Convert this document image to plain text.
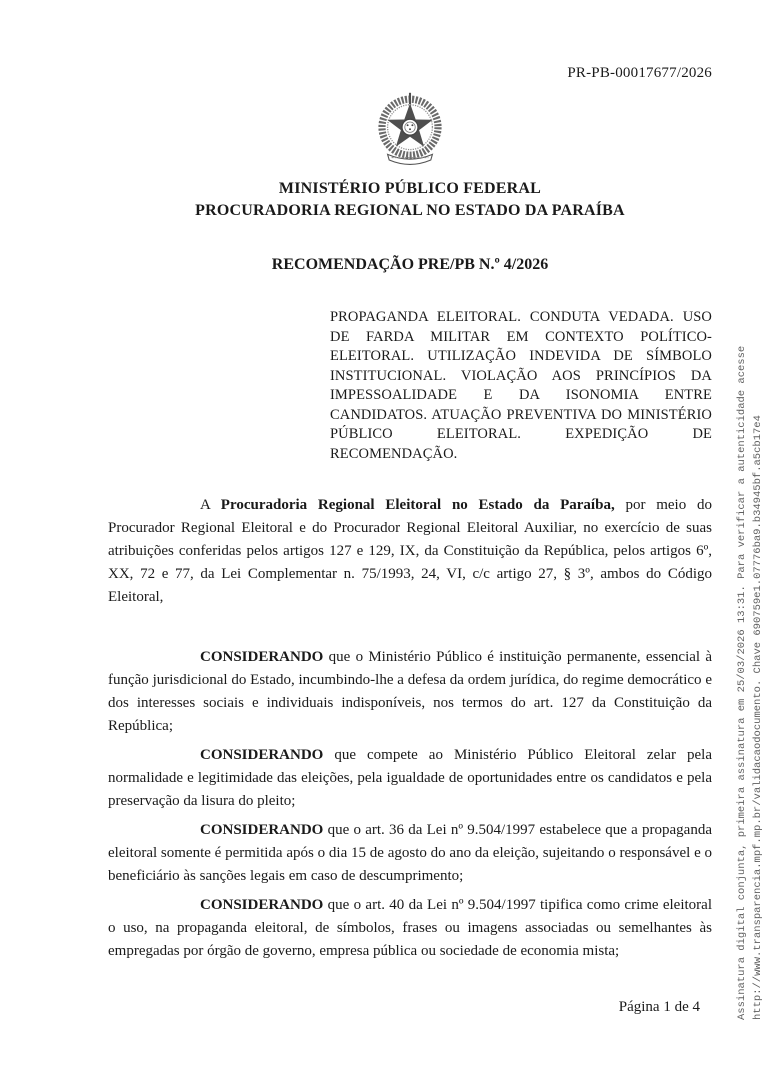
PR-PB-00017677/2026
MINISTÉRIO PÚBLICO FEDERAL
PROCURADORIA REGIONAL NO ESTADO DA PARAÍBA
RECOMENDAÇÃO PRE/PB N.º 4/2026
PROPAGANDA ELEITORAL. CONDUTA VEDADA. USO DE FARDA MILITAR EM CONTEXTO POLÍTICO-ELEITORAL. UTILIZAÇÃO INDEVIDA DE SÍMBOLO INSTITUCIONAL. VIOLAÇÃO AOS PRINCÍPIOS DA IMPESSOALIDADE E DA ISONOMIA ENTRE CANDIDATOS. ATUAÇÃO PREVENTIVA DO MINISTÉRIO PÚBLICO ELEITORAL. EXPEDIÇÃO DE RECOMENDAÇÃO.

A Procuradoria Regional Eleitoral no Estado da Paraíba, por meio do Procurador Regional Eleitoral e do Procurador Regional Eleitoral Auxiliar, no exercício de suas atribuições conferidas pelos artigos 127 e 129, IX, da Constituição da República, pelos artigos 6º, XX, 72 e 77, da Lei Complementar n. 75/1993, 24, VI, c/c artigo 27, § 3º, ambos do Código Eleitoral,

CONSIDERANDO que o Ministério Público é instituição permanente, essencial à função jurisdicional do Estado, incumbindo-lhe a defesa da ordem jurídica, do regime democrático e dos interesses sociais e individuais indisponíveis, nos termos do art. 127 da Constituição da República;

CONSIDERANDO que compete ao Ministério Público Eleitoral zelar pela normalidade e legitimidade das eleições, pela igualdade de oportunidades entre os candidatos e pela preservação da lisura do pleito;

CONSIDERANDO que o art. 36 da Lei nº 9.504/1997 estabelece que a propaganda eleitoral somente é permitida após o dia 15 de agosto do ano da eleição, sujeitando o responsável e o beneficiário às sanções legais em caso de descumprimento;

CONSIDERANDO que o art. 40 da Lei nº 9.504/1997 tipifica como crime eleitoral o uso, na propaganda eleitoral, de símbolos, frases ou imagens associadas ou semelhantes às empregadas por órgão de governo, empresa pública ou sociedade de economia mista;

Página 1 de 4	Assinatura digital conjunta, primeira assinatura em 25/03/2026 13:31. Para verificar a autenticidade acesse http://www.transparencia.mpf.mp.br/validacaodocumento. Chave 690759e1.07776ba9.b34945bf.a5cb17e4
